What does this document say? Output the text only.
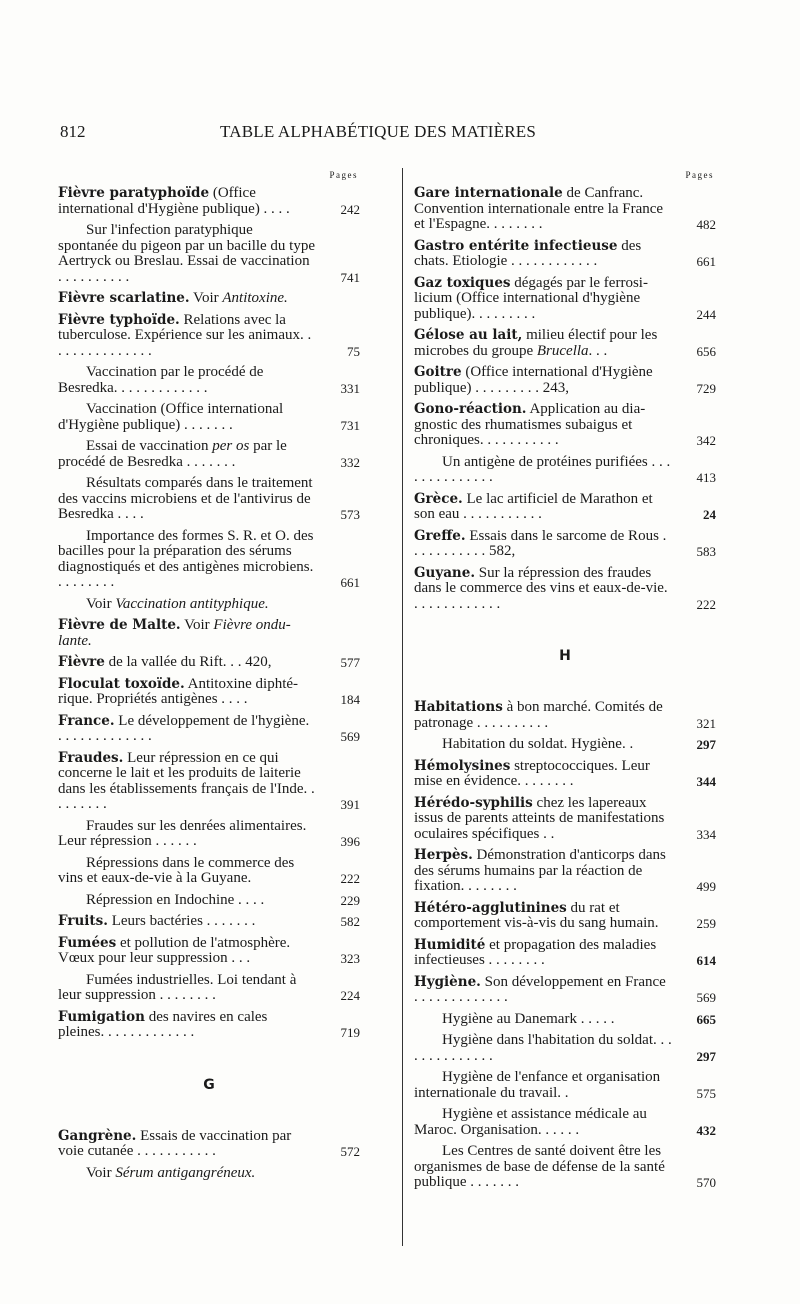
812	TABLE ALPHABÉTIQUE DES MATIÈRES
Pages
Fièvre paratyphoïde (Office international d'Hygiène publique) . . . .	242
Sur l'infection paratyphique spontanée du pigeon par un bacille du type Aertryck ou Breslau. Essai de vaccination . . . . . . . . . .	741
Fièvre scarlatine. Voir Antitoxine.
Fièvre typhoïde. Relations avec la tuberculose. Expérience sur les animaux. . . . . . . . . . . . . . .	75
Vaccination par le procédé de Besredka. . . . . . . . . . . . .	331
Vaccination (Office international d'Hygiène publique) . . . . . . .	731
Essai de vaccination per os par le procédé de Besredka . . . . . . .	332
Résultats comparés dans le traitement des vaccins microbiens et de l'antivirus de Besredka . . . .	573
Importance des formes S. R. et O. des bacilles pour la préparation des sérums diagnostiqués et des antigènes microbiens. . . . . . . . .	661
Voir Vaccination antityphique.
Fièvre de Malte. Voir Fièvre ondulante.
Fièvre de la vallée du Rift. . . 420,	577
Floculat toxoïde. Antitoxine diphtérique. Propriétés antigènes . . . .	184
France. Le développement de l'hygiène. . . . . . . . . . . . . .	569
Fraudes. Leur répression en ce qui concerne le lait et les produits de laiterie dans les établissements français de l'Inde. . . . . . . . .	391
Fraudes sur les denrées alimentaires. Leur répression . . . . . .	396
Répressions dans le commerce des vins et eaux-de-vie à la Guyane.	222
Répression en Indochine . . . .	229
Fruits. Leurs bactéries . . . . . . .	582
Fumées et pollution de l'atmosphère. Vœux pour leur suppression . . .	323
Fumées industrielles. Loi tendant à leur suppression . . . . . . . .	224
Fumigation des navires en cales pleines. . . . . . . . . . . . .	719
G
Gangrène. Essais de vaccination par voie cutanée . . . . . . . . . . .	572
Voir Sérum antigangréneux.
Pages
Gare internationale de Canfranc. Convention internationale entre la France et l'Espagne. . . . . . . .	482
Gastro entérite infectieuse des chats. Etiologie . . . . . . . . . . . .	661
Gaz toxiques dégagés par le ferrosilicium (Office international d'hygiène publique). . . . . . . . .	244
Gélose au lait, milieu électif pour les microbes du groupe Brucella. . .	656
Goitre (Office international d'Hygiène publique) . . . . . . . . . 243,	729
Gono-réaction. Application au diagnostic des rhumatismes subaigus et chroniques. . . . . . . . . . .	342
Un antigène de protéines purifiées . . . . . . . . . . . . . .	413
Grèce. Le lac artificiel de Marathon et son eau . . . . . . . . . . .	24
Greffe. Essais dans le sarcome de Rous . . . . . . . . . . . 582,	583
Guyane. Sur la répression des fraudes dans le commerce des vins et eaux-de-vie. . . . . . . . . . . . .	222
H
Habitations à bon marché. Comités de patronage . . . . . . . . . .	321
Habitation du soldat. Hygiène. .	297
Hémolysines streptococciques. Leur mise en évidence. . . . . . . .	344
Hérédo-syphilis chez les lapereaux issus de parents atteints de manifestations oculaires spécifiques . .	334
Herpès. Démonstration d'anticorps dans des sérums humains par la réaction de fixation. . . . . . . .	499
Hétéro-agglutinines du rat et comportement vis-à-vis du sang humain.	259
Humidité et propagation des maladies infectieuses . . . . . . . .	614
Hygiène. Son développement en France . . . . . . . . . . . . .	569
Hygiène au Danemark . . . . .	665
Hygiène dans l'habitation du soldat. . . . . . . . . . . . . .	297
Hygiène de l'enfance et organisation internationale du travail. .	575
Hygiène et assistance médicale au Maroc. Organisation. . . . . .	432
Les Centres de santé doivent être les organismes de base de défense de la santé publique . . . . . . .	570
